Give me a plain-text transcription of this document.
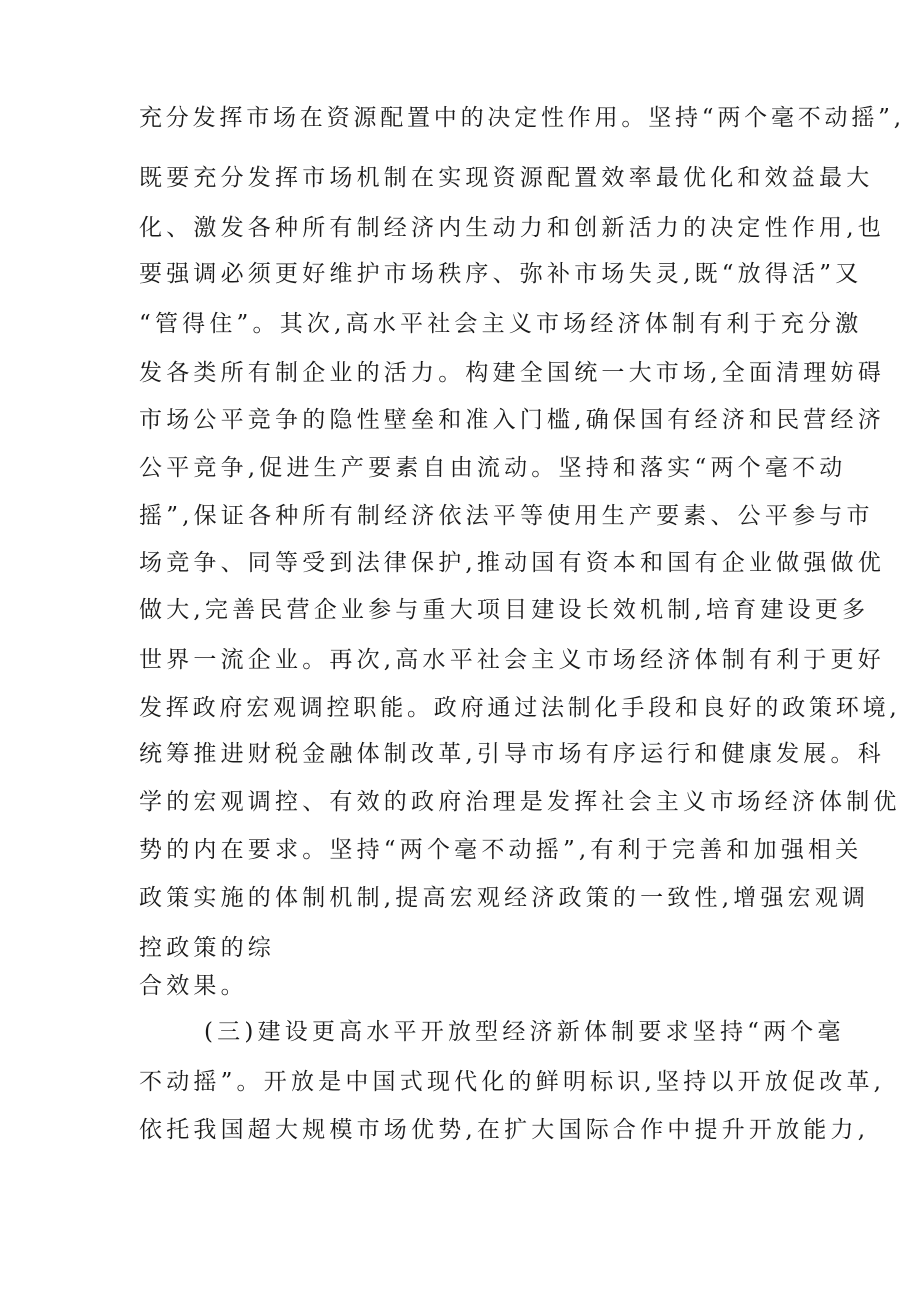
充分发挥市场在资源配置中的决定性作用。坚持“两个毫不动摇”,
既要充分发挥市场机制在实现资源配置效率最优化和效益最大
化、激发各种所有制经济内生动力和创新活力的决定性作用,也
要强调必须更好维护市场秩序、弥补市场失灵,既“放得活”又
“管得住”。其次,高水平社会主义市场经济体制有利于充分激
发各类所有制企业的活力。构建全国统一大市场,全面清理妨碍
市场公平竞争的隐性壁垒和准入门槛,确保国有经济和民营经济
公平竞争,促进生产要素自由流动。坚持和落实“两个毫不动
摇”,保证各种所有制经济依法平等使用生产要素、公平参与市
场竞争、同等受到法律保护,推动国有资本和国有企业做强做优
做大,完善民营企业参与重大项目建设长效机制,培育建设更多
世界一流企业。再次,高水平社会主义市场经济体制有利于更好
发挥政府宏观调控职能。政府通过法制化手段和良好的政策环境,
统筹推进财税金融体制改革,引导市场有序运行和健康发展。科
学的宏观调控、有效的政府治理是发挥社会主义市场经济体制优
势的内在要求。坚持“两个毫不动摇”,有利于完善和加强相关
政策实施的体制机制,提高宏观经济政策的一致性,增强宏观调
控政策的综
合效果。
(三)建设更高水平开放型经济新体制要求坚持“两个毫
不动摇”。开放是中国式现代化的鲜明标识,坚持以开放促改革,
依托我国超大规模市场优势,在扩大国际合作中提升开放能力,
